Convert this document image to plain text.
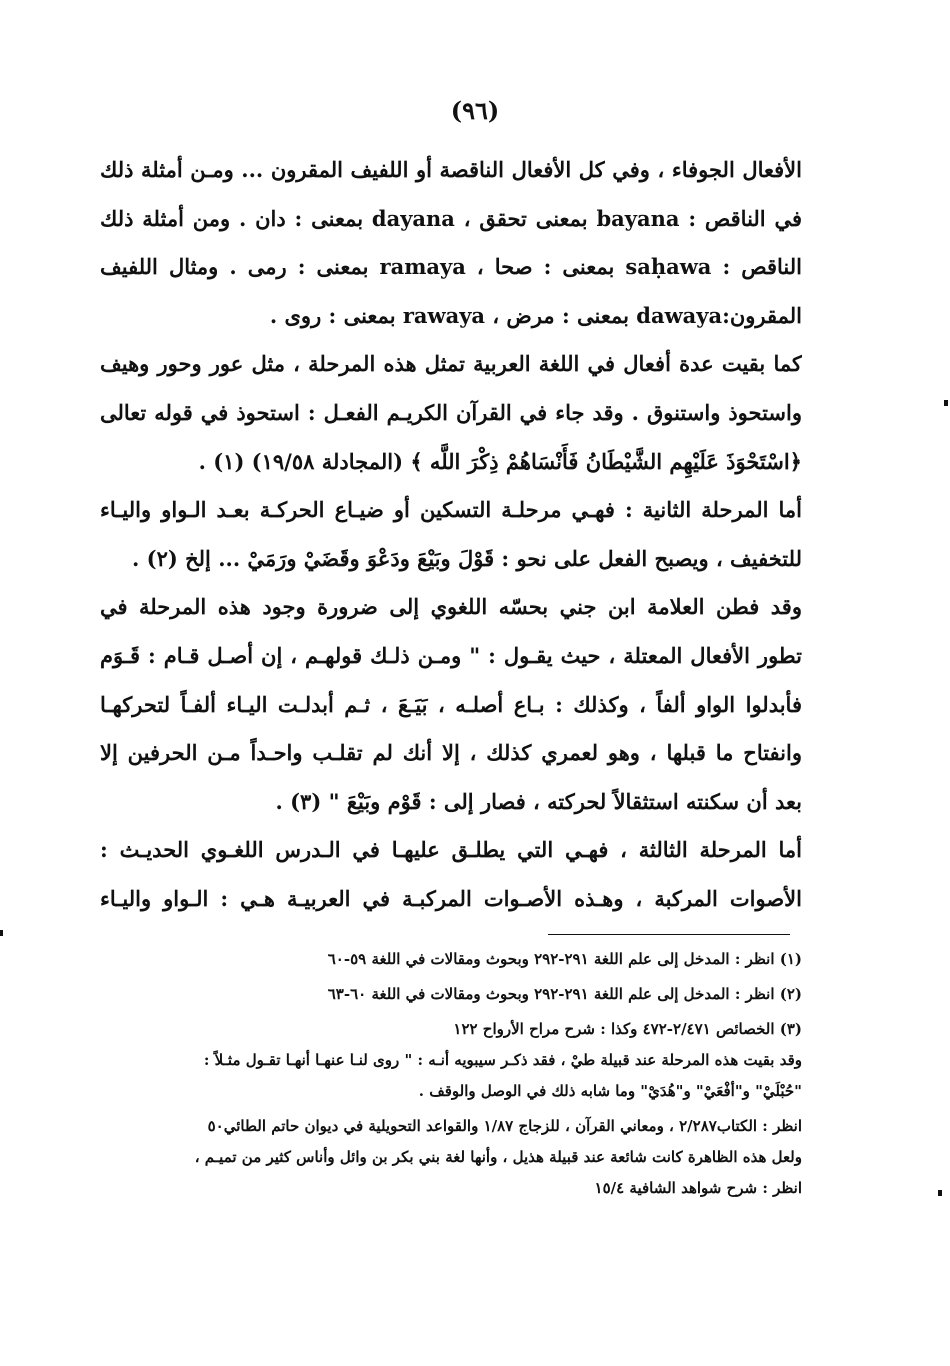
(٩٦)
الأفعال الجوفاء ، وفي كل الأفعال الناقصة أو اللفيف المقرون ... ومـن أمثلة ذلك
في الناقص : bayana بمعنى تحقق ، dayana بمعنى : دان . ومن أمثلة ذلك
الناقص : saḥawa بمعنى : صحا ، ramaya بمعنى : رمى . ومثال اللفيف
المقرون:dawaya بمعنى : مرض ، rawaya بمعنى : روى .
كما بقيت عدة أفعال في اللغة العربية تمثل هذه المرحلة ، مثل عور وحور وهيف
واستحوذ واستنوق . وقد جاء في القرآن الكريـم الفعـل : استحوذ في قوله تعالى
﴿اسْتَحْوَذَ عَلَيْهِم الشَّيْطَانُ فَأَنْسَاهُمْ ذِكْرَ اللَّه ﴾ (المجادلة ١٩/٥٨) (١) .
أما المرحلة الثانية : فهـي مرحلـة التسكين أو ضيـاع الحركـة بعـد الـواو واليـاء
للتخفيف ، ويصبح الفعل على نحو : قَوْلَ وبَيْعَ ودَعْوَ وقَضَيْ ورَمَيْ ... إلخ (٢) .
وقد فطن العلامة ابن جني بحسّه اللغوي إلى ضرورة وجود هذه المرحلة في
تطور الأفعال المعتلة ، حيث يقـول : " ومـن ذلـك قولهـم ، إن أصـل قـام : قَـوَم
فأبدلوا الواو ألفاً ، وكذلك : بـاع أصلـه ، بَيَـعَ ، ثـم أبدلـت اليـاء ألفـاً لتحركهـا
وانفتاح ما قبلها ، وهو لعمري كذلك ، إلا أنك لم تقلـب واحـداً مـن الحرفين إلا
بعد أن سكنته استثقالاً لحركته ، فصار إلى : قَوْم وبَيْعَ " (٣) .
أما المرحلة الثالثة ، فهـي التي يطلـق عليهـا في الـدرس اللغـوي الحديـث :
الأصوات المركبة ، وهـذه الأصـوات المركبـة في العربيـة هـي : الـواو واليـاء
(١) انظر : المدخل إلى علم اللغة ٢٩١-٢٩٢ وبحوث ومقالات في اللغة ٥٩-٦٠
(٢) انظر : المدخل إلى علم اللغة ٢٩١-٢٩٢ وبحوث ومقالات في اللغة ٦٠-٦٣
(٣) الخصائص ٢/٤٧١-٤٧٢ وكذا : شرح مراح الأرواح ١٢٢
وقد بقيت هذه المرحلة عند قبيلة طيْ ، فقد ذكـر سيبويه أنـه : " روى لنـا عنهـا أنهـا تقـول مثـلاً :
"حُبْلَيْ" و"أفْعَيْ" و"هُدَيْ" وما شابه ذلك في الوصل والوقف .
انظر : الكتاب٢/٢٨٧ ، ومعاني القرآن ، للزجاج ١/٨٧ والقواعد التحويلية في ديوان حاتم الطائي٥٠
ولعل هذه الظاهرة كانت شائعة عند قبيلة هذيل ، وأنها لغة بني بكر بن وائل وأناس كثير من تميـم ،
انظر : شرح شواهد الشافية ١٥/٤
